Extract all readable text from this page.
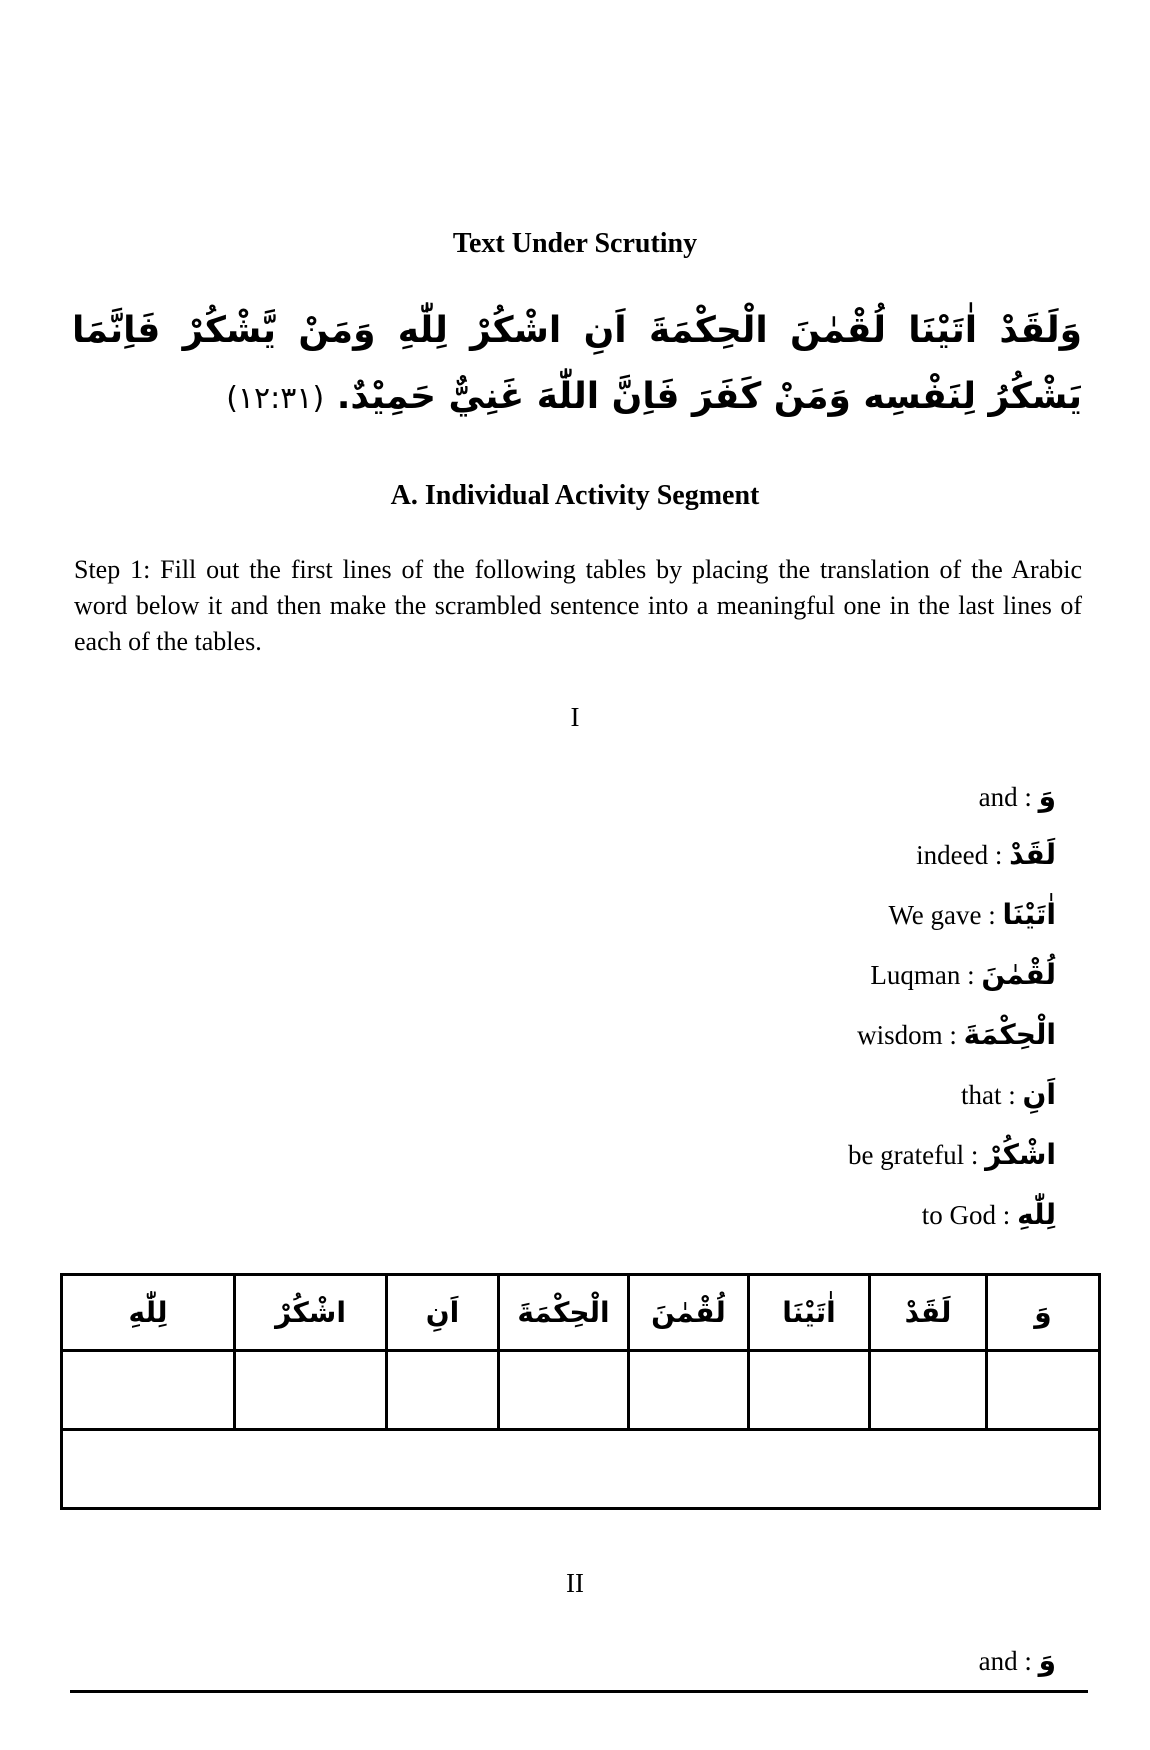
Text Under Scrutiny
وَلَقَدْ اٰتَيْنَا لُقْمٰنَ الْحِكْمَةَ اَنِ اشْكُرْ لِلّٰهِ وَمَنْ يَّشْكُرْ فَاِنَّمَا يَشْكُرُ لِنَفْسِه وَمَنْ كَفَرَ فَاِنَّ اللّٰهَ غَنِيٌّ حَمِيْدٌ. (١٢:٣١)
A. Individual Activity Segment
Step 1: Fill out the first lines of the following tables by placing the translation of the Arabic word below it and then make the scrambled sentence into a meaningful one in the last lines of each of the tables.
I
and : وَ
indeed : لَقَدْ
We gave : اٰتَيْنَا
Luqman : لُقْمٰنَ
wisdom : الْحِكْمَةَ
that : اَنِ
be grateful : اشْكُرْ
to God : لِلّٰهِ
لِلّٰهِ	اشْكُرْ	اَنِ	الْحِكْمَةَ	لُقْمٰنَ	اٰتَيْنَا	لَقَدْ	وَ

II
and : وَ
